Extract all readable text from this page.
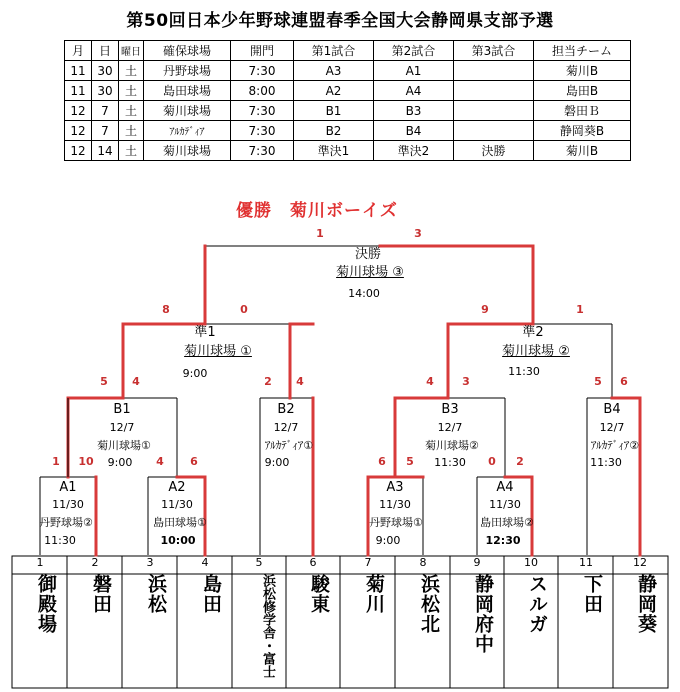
第50回日本少年野球連盟春季全国大会静岡県支部予選
月	日	曜日	確保球場	開門	第1試合	第2試合	第3試合	担当チーム
11	30	土	丹野球場	7:30	A3	A1		菊川B
11	30	土	島田球場	8:00	A2	A4		島田B
12	7	土	菊川球場	7:30	B1	B3		磐田Ｂ
12	7	土	ｱﾙｶﾃﾞｨｱ	7:30	B2	B4		静岡葵B
12	14	土	菊川球場	7:30	準決1	準決2	決勝	菊川B
優勝　菊川ボーイズ
1	3
決勝
菊川球場 ③
14:00
8	0
準1
菊川球場 ①
9:00
9	1
準2
菊川球場 ②
11:30
5 4
B1
12/7
菊川球場①
9:00
2 4
B2
12/7
ｱﾙｶﾃﾞｨｱ①
9:00
4	3
B3
12/7
菊川球場②
11:30
5 6
B4
12/7
ｱﾙｶﾃﾞｨｱ②
11:30
1 10
A1
11/30
丹野球場②
11:30
4 6
A2
11/30
島田球場①
10:00
6 5
A3
11/30
丹野球場①
9:00
0 2
A4
11/30
島田球場②
12:30
1	2	3	4	5	6	7	8	9	10	11	12
御殿場	磐田	浜松	島田	浜松修学舎・富士	駿東	菊川	浜松北	静岡府中	スルガ	下田	静岡葵
